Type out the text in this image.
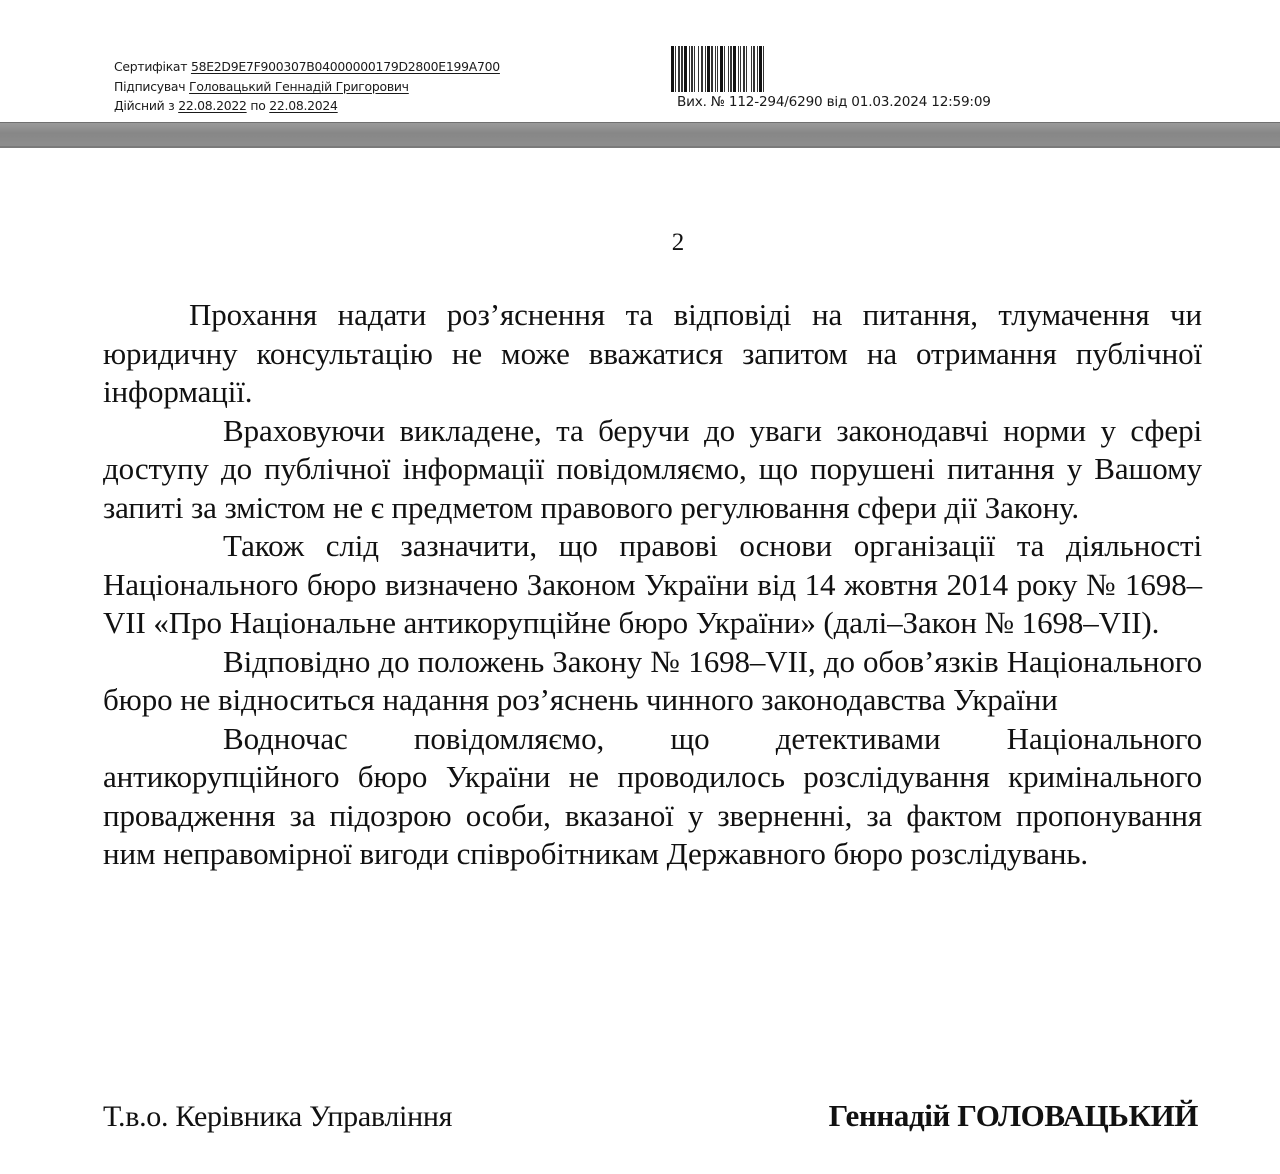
Сертифікат 58E2D9E7F900307B04000000179D2800E199A700
Підписувач Головацький Геннадій Григорович
Дійсний з 22.08.2022 по 22.08.2024	Вих. № 112-294/6290 від 01.03.2024 12:59:09
2

Прохання надати роз’яснення та відповіді на питання, тлумачення чи юридичну консультацію не може вважатися запитом на отримання публічної інформації.

Враховуючи викладене, та беручи до уваги законодавчі норми у сфері доступу до публічної інформації повідомляємо, що порушені питання у Вашому запиті за змістом не є предметом правового регулювання сфери дії Закону.

Також слід зазначити, що правові основи організації та діяльності Національного бюро визначено Законом України від 14 жовтня 2014 року № 1698–VII «Про Національне антикорупційне бюро України» (далі–Закон № 1698–VII).

Відповідно до положень Закону № 1698–VII, до обов’язків Національного бюро не відноситься надання роз’яснень чинного законодавства України

Водночас повідомляємо, що детективами Національного антикорупційного бюро України не проводилось розслідування кримінального провадження за підозрою особи, вказаної у зверненні, за фактом пропонування ним неправомірної вигоди співробітникам Державного бюро розслідувань.

Т.в.о. Керівника Управління	Геннадій ГОЛОВАЦЬКИЙ
